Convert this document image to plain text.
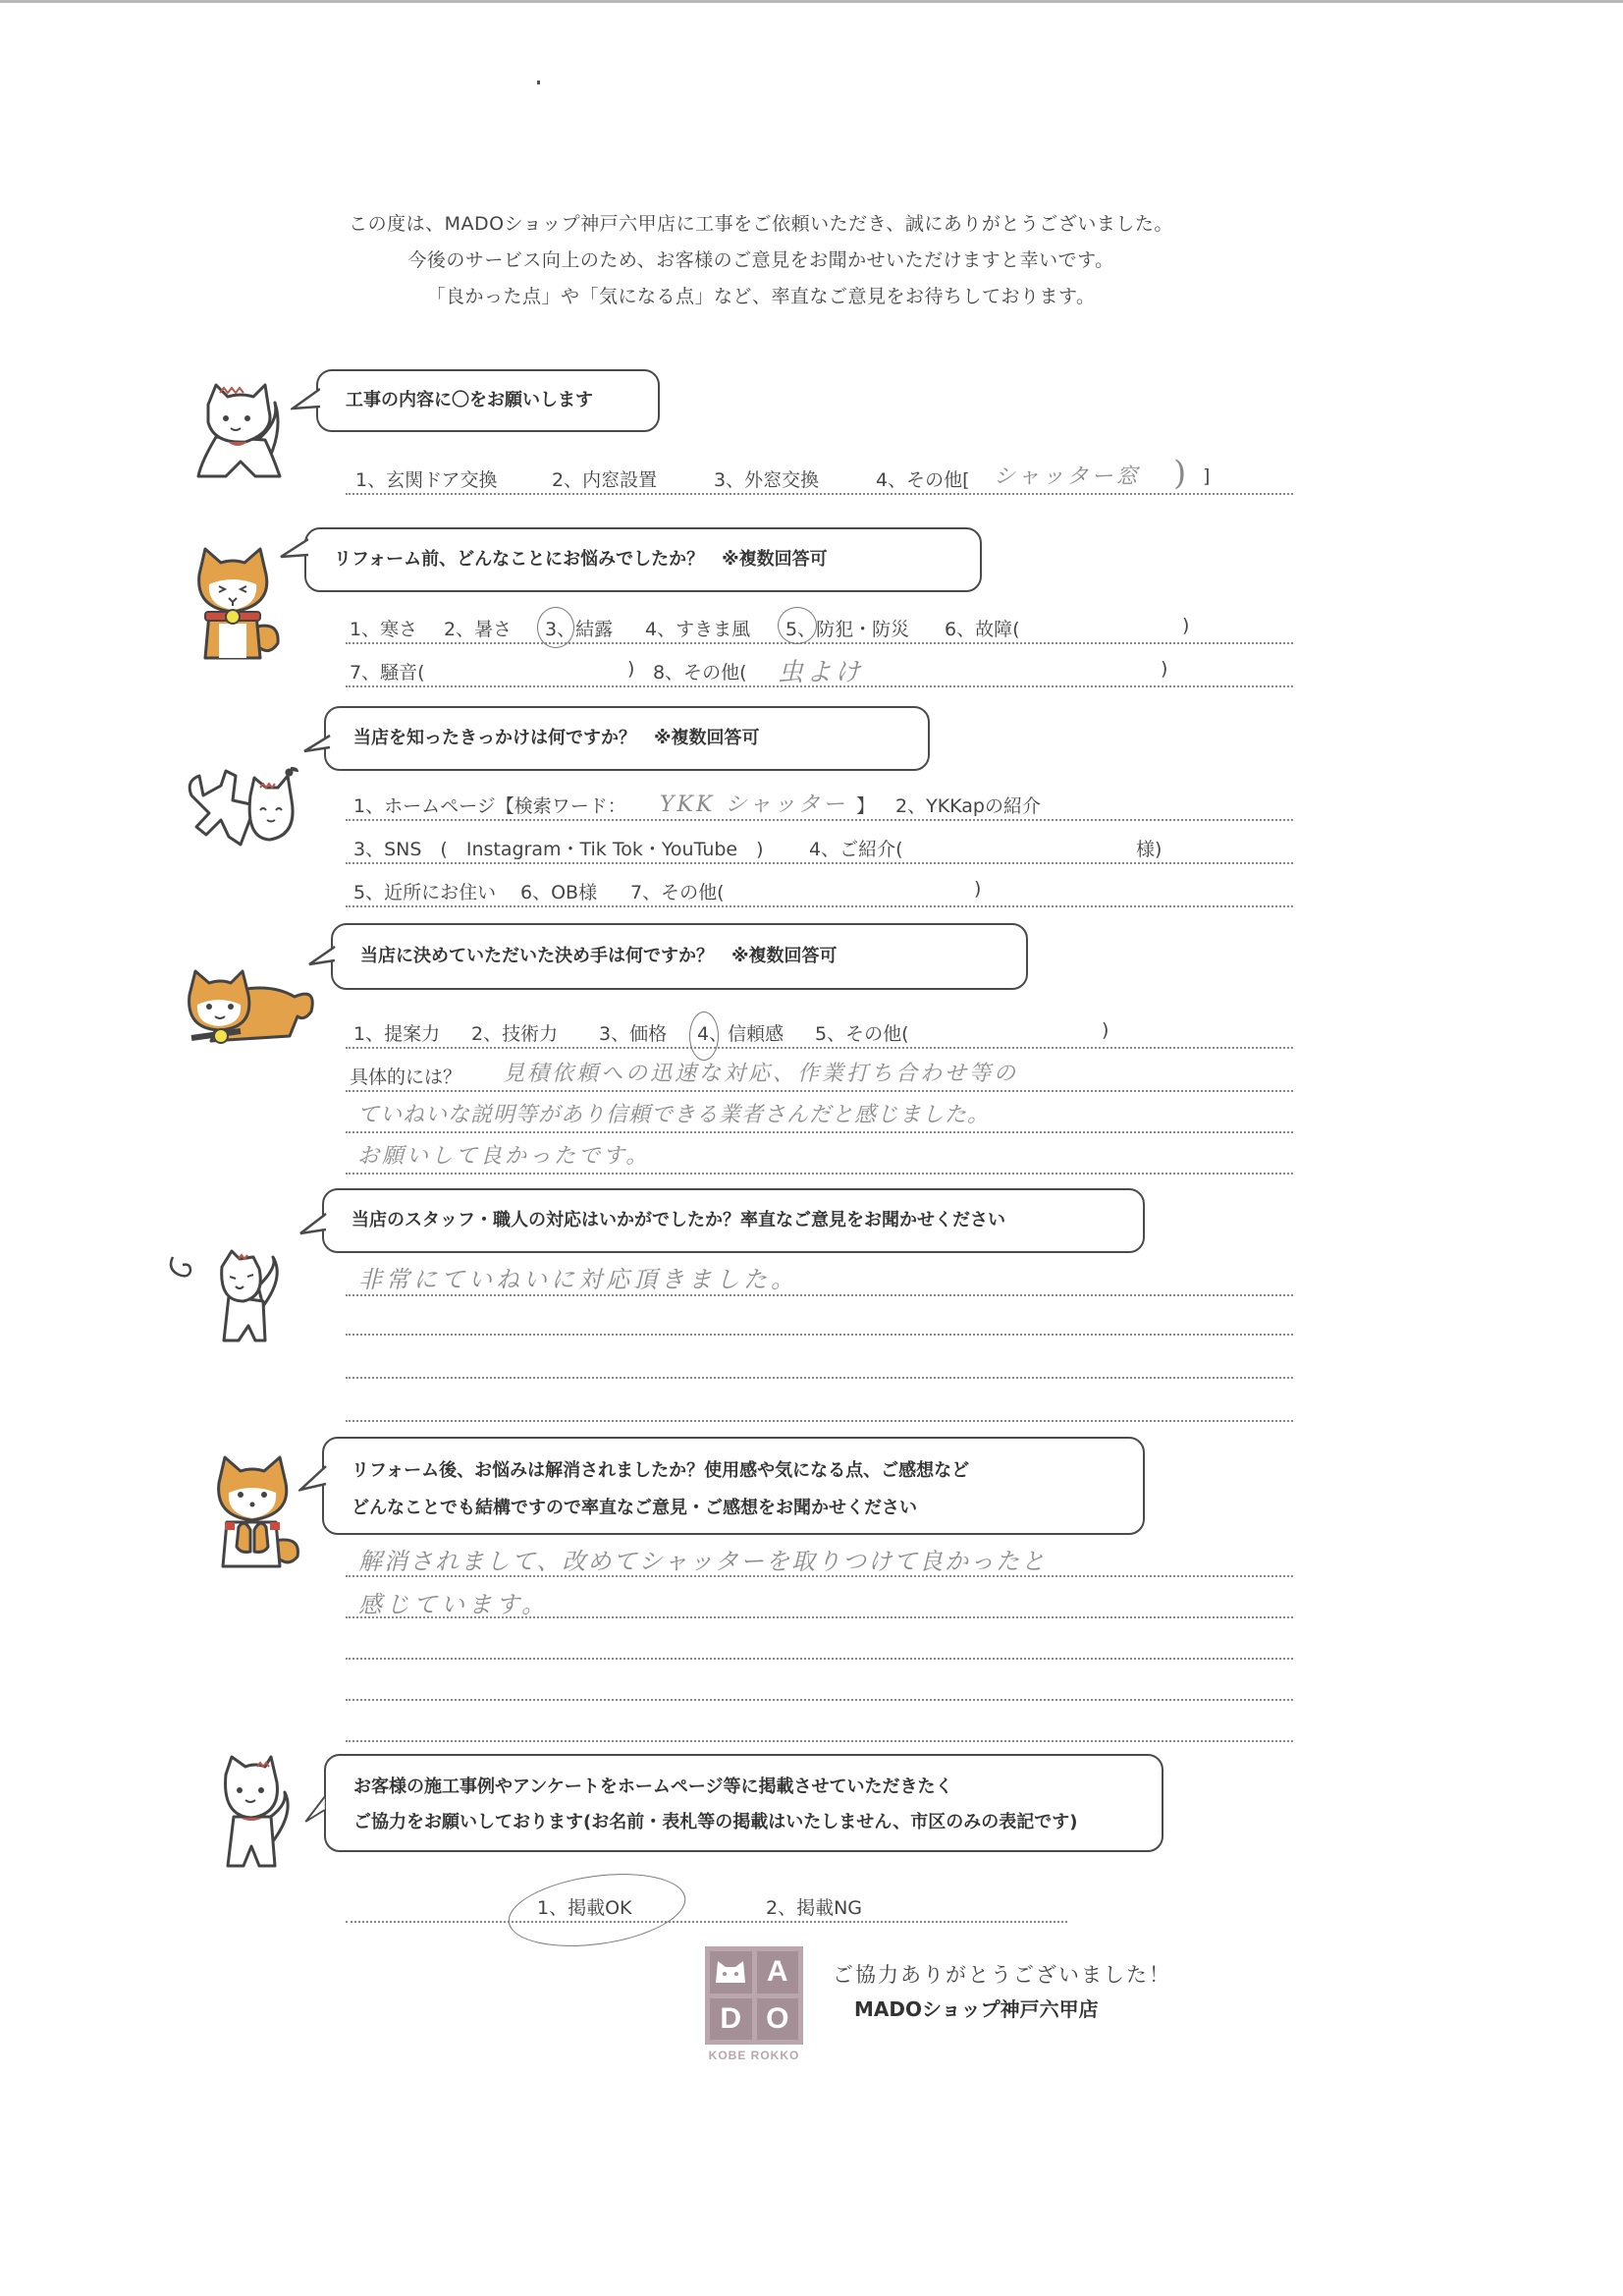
この度は、MADOショップ神戸六甲店に工事をご依頼いただき、誠にありがとうございました。
今後のサービス向上のため、お客様のご意見をお聞かせいただけますと幸いです。
「良かった点」や「気になる点」など、率直なご意見をお待ちしております。
工事の内容に〇をお願いします
1、玄関ドア交換	2、内窓設置	3、外窓交換	4、その他[ シャッター窓 ) ]
リフォーム前、どんなことにお悩みでしたか？　※複数回答可
1、寒さ 2、暑さ 3、結露 4、すきま風 5、防犯・防災 6、故障(	)
7、騒音(	) 8、その他( 虫よけ	)
当店を知ったきっかけは何ですか？　※複数回答可
1、ホームページ【検索ワード： YKK シャッター 】 2、YKKapの紹介
3、SNS　(　Instagram・Tik Tok・YouTube　) 4、ご紹介(	様)
5、近所にお住い 6、OB様 7、その他(	)
当店に決めていただいた決め手は何ですか？　※複数回答可
1、提案力 2、技術力 3、価格 4、信頼感 5、その他(	)
具体的には？ 見積依頼への迅速な対応、作業打ち合わせ等の
ていねいな説明等があり信頼できる業者さんだと感じました。
お願いして良かったです。
当店のスタッフ・職人の対応はいかがでしたか？率直なご意見をお聞かせください
非常にていねいに対応頂きました。
リフォーム後、お悩みは解消されましたか？使用感や気になる点、ご感想など
どんなことでも結構ですので率直なご意見・ご感想をお聞かせください
解消されまして、改めてシャッターを取りつけて良かったと
感じています。
お客様の施工事例やアンケートをホームページ等に掲載させていただきたく
ご協力をお願いしております(お名前・表札等の掲載はいたしません、市区のみの表記です)
1、掲載OK	2、掲載NG
A
D O
KOBE ROKKO
ご協力ありがとうございました！
MADOショップ神戸六甲店
